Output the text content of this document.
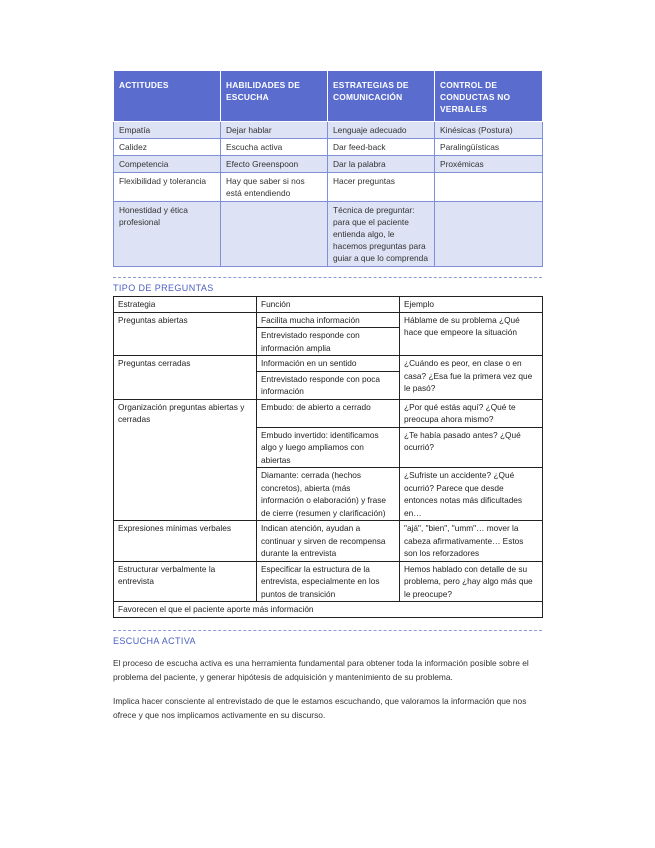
ACTITUDES	HABILIDADES DE ESCUCHA	ESTRATEGIAS DE COMUNICACIÓN	CONTROL DE CONDUCTAS NO VERBALES
Empatía	Dejar hablar	Lenguaje adecuado	Kinésicas (Postura)
Calidez	Escucha activa	Dar feed-back	Paralingüísticas
Competencia	Efecto Greenspoon	Dar la palabra	Proxémicas
Flexibilidad y tolerancia	Hay que saber si nos está entendiendo	Hacer preguntas	
Honestidad y ética profesional		Técnica de preguntar: para que el paciente entienda algo, le hacemos preguntas para guiar a que lo comprenda	
TIPO DE PREGUNTAS
Estrategia	Función	Ejemplo
Preguntas abiertas	Facilita mucha información	Háblame de su problema ¿Qué hace que empeore la situación
	Entrevistado responde con información amplia	
Preguntas cerradas	Información en un sentido	¿Cuándo es peor, en clase o en casa? ¿Esa fue la primera vez que le pasó?
	Entrevistado responde con poca información	
Organización preguntas abiertas y cerradas	Embudo: de abierto a cerrado	¿Por qué estás aquí? ¿Qué te preocupa ahora mismo?
	Embudo invertido: identificamos algo y luego ampliamos con abiertas	¿Te había pasado antes? ¿Qué ocurrió?
	Diamante: cerrada (hechos concretos), abierta (más información o elaboración) y frase de cierre (resumen y clarificación)	¿Sufriste un accidente? ¿Qué ocurrió? Parece que desde entonces notas más dificultades en…
Expresiones mínimas verbales	Indican atención, ayudan a continuar y sirven de recompensa durante la entrevista	"ajá", "bien", "umm"… mover la cabeza afirmativamente… Estos son los reforzadores
Estructurar verbalmente la entrevista	Especificar la estructura de la entrevista, especialmente en los puntos de transición	Hemos hablado con detalle de su problema, pero ¿hay algo más que le preocupe?
Favorecen el que el paciente aporte más información		
ESCUCHA ACTIVA

El proceso de escucha activa es una herramienta fundamental para obtener toda la información posible sobre el problema del paciente, y generar hipótesis de adquisición y mantenimiento de su problema.

Implica hacer consciente al entrevistado de que le estamos escuchando, que valoramos la información que nos ofrece y que nos implicamos activamente en su discurso.
